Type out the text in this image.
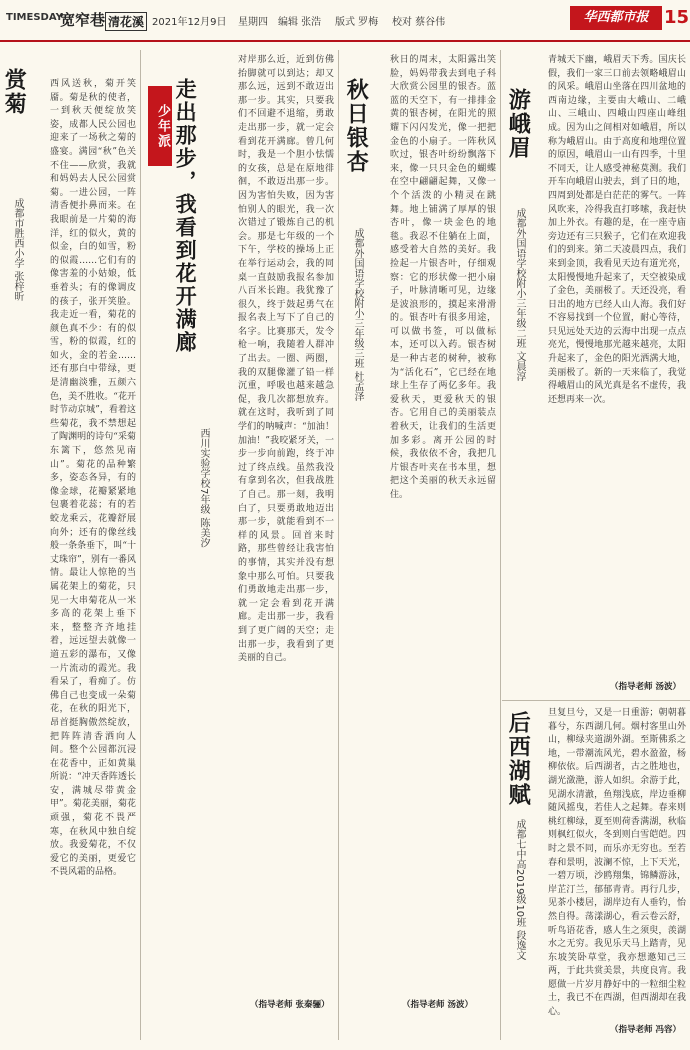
TIMESDAY
宽窄巷 清花溪 2021年12月9日 星期四 编辑 张浩 版式 罗梅 校对 蔡谷伟	华西都市报 15
赏菊
成都市胜西小学 张梓昕
西风送秋，菊开笑靥。菊是秋的使者，一到秋天便绽放笑姿，成都人民公园也迎来了一场秋之菊的盛宴。满园“秋”色关不住——欣赏，我就和妈妈去人民公园赏菊。一进公园，一阵清香便扑鼻而来。在我眼前是一片菊的海洋，红的似火，黄的似金，白的如雪，粉的似霞……它们有的像害羞的小姑娘，低垂着头；有的像调皮的孩子，张开笑脸。我走近一看，菊花的颜色真不少：有的似雪，粉的似霞，红的如火，金的若金……还有那白中带绿，更是清幽淡雅，五颜六色，美不胜收。“花开时节动京城”，看着这些菊花，我不禁想起了陶渊明的诗句“采菊东篱下，悠然见南山”。菊花的品种繁多，姿态各异，有的像金球，花瓣紧紧地包裹着花蕊；有的若蛟龙乘云，花瓣舒展向外；还有的像丝线般一条条垂下，叫“十丈珠帘”，别有一番风情。最让人惊艳的当属花架上的菊花，只见一大串菊花从一米多高的花架上垂下来，整整齐齐地挂着，远远望去就像一道五彩的瀑布，又像一片流动的霞光。我看呆了，看痴了。仿佛自己也变成一朵菊花，在秋的阳光下，昂首挺胸傲然绽放，把阵阵清香洒向人间。整个公园都沉浸在花香中，正如黄巢所说：“冲天香阵透长安，满城尽带黄金甲”。菊花美丽，菊花顽强，菊花不畏严寒，在秋风中独自绽放。我爱菊花，不仅爱它的美丽，更爱它不畏风霜的品格。
少年派 走出那步，我看到花开满廊
西川实验学校7年级 陈美汐
对岸那么近，近到仿佛抬脚就可以到达；却又那么远，远到不敢迈出那一步。其实，只要我们不回避不退缩，勇敢走出那一步，就一定会看到花开满廊。曾几何时，我是一个胆小怯懦的女孩，总是在原地徘徊，不敢迈出那一步。因为害怕失败，因为害怕别人的眼光，我一次次错过了锻炼自己的机会。那是七年级的一个下午，学校的操场上正在举行运动会，我的同桌一直鼓励我报名参加八百米长跑。我犹豫了很久，终于鼓起勇气在报名表上写下了自己的名字。比赛那天，发令枪一响，我随着人群冲了出去。一圈、两圈，我的双腿像灌了铅一样沉重，呼吸也越来越急促，我几次都想放弃。就在这时，我听到了同学们的呐喊声：“加油！加油！”我咬紧牙关，一步一步向前跑，终于冲过了终点线。虽然我没有拿到名次，但我战胜了自己。那一刻，我明白了，只要勇敢地迈出那一步，就能看到不一样的风景。回首来时路，那些曾经让我害怕的事情，其实并没有想象中那么可怕。只要我们勇敢地走出那一步，就一定会看到花开满廊。走出那一步，我看到了更广阔的天空；走出那一步，我看到了更美丽的自己。
（指导老师 张秦骊）
秋日银杏
成都外国语学校附小三年级三班 杜孟泽
秋日的周末，太阳露出笑脸，妈妈带我去到电子科大欣赏公园里的银杏。蓝蓝的天空下，有一排排金黄的银杏树，在阳光的照耀下闪闪发光，像一把把金色的小扇子。一阵秋风吹过，银杏叶纷纷飘落下来，像一只只金色的蝴蝶在空中翩翩起舞，又像一个个活泼的小精灵在跳舞。地上铺满了厚厚的银杏叶，像一块金色的地毯。我忍不住躺在上面，感受着大自然的美好。我捡起一片银杏叶，仔细观察：它的形状像一把小扇子，叶脉清晰可见，边缘是波浪形的，摸起来滑滑的。银杏叶有很多用途，可以做书签，可以做标本，还可以入药。银杏树是一种古老的树种，被称为“活化石”，它已经在地球上生存了两亿多年。我爱秋天，更爱秋天的银杏。它用自己的美丽装点着秋天，让我们的生活更加多彩。离开公园的时候，我依依不舍，我把几片银杏叶夹在书本里，想把这个美丽的秋天永远留住。
（指导老师 汤波）
游峨眉
成都外国语学校附小三年级二班 文晨淳
青城天下幽，峨眉天下秀。国庆长假，我们一家三口前去领略峨眉山的风采。峨眉山坐落在四川盆地的西南边缘，主要由大峨山、二峨山、三峨山、四峨山四座山峰组成。因为山之间相对如峨眉，所以称为峨眉山。由于高度和地理位置的原因，峨眉山一山有四季，十里不同天，让人感受神秘莫测。我们开车向峨眉山驶去，到了日的地，四周到处都是白茫茫的雾气。一阵风吹来，冷得我直打哆嗦，我赶快加上外衣。有趣的是，在一座寺庙旁边还有三只猴子，它们在欢迎我们的到来。第二天凌晨四点，我们来到金顶，我看见天边有道光亮，太阳慢慢地升起来了，天空被染成了金色，美丽极了。天还没亮，看日出的地方已经人山人海。我们好不容易找到一个位置，耐心等待，只见远处天边的云海中出现一点点亮光，慢慢地那光越来越亮，太阳升起来了，金色的阳光洒满大地，美丽极了。新的一天来临了，我觉得峨眉山的风光真是名不虚传，我还想再来一次。
（指导老师 汤波）
后西湖赋
成都七中高2019级10班 段逸文
旦复旦兮，又是一日重游；朝朝暮暮兮，东西湖几何。烟村客里山外山，柳绿夹道湖外湖。至斯佛系之地，一带潮流风光，碧水盈盈，杨柳依依。后西湖者，古之胜地也，湖光潋滟，游人如织。余游于此，见湖水清澈，鱼翔浅底，岸边垂柳随风摇曳，若佳人之起舞。春来则桃红柳绿，夏至则荷香满湖，秋临则枫红似火，冬到则白雪皑皑。四时之景不同，而乐亦无穷也。至若春和景明，波澜不惊，上下天光，一碧万顷，沙鸥翔集，锦鳞游泳，岸芷汀兰，郁郁青青。再行几步，见茶小楼居，湖岸边有人垂钓，怡然自得。荡漾湖心，看云卷云舒，听鸟语花香，感人生之须臾，羡湖水之无穷。我见乐天马上踏青，见东坡笑卧草堂，我亦想邀知己三两，于此共赏美景，共度良宵。我愿做一片岁月静好中的一粒细尘粒土，我已不在西湖，但西湖却在我心。
（指导老师 冯容）
